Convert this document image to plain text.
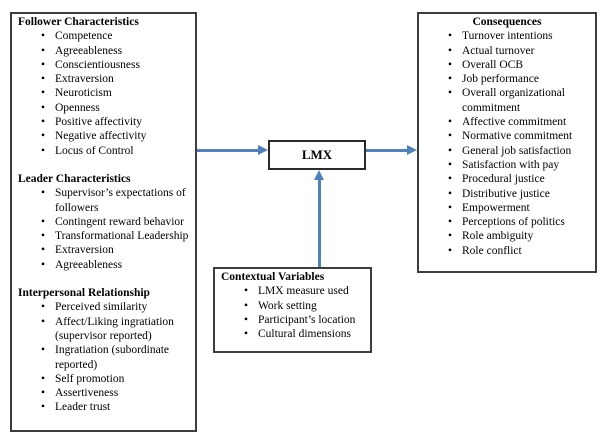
Follower Characteristics
• Competence
• Agreeableness
• Conscientiousness
• Extraversion
• Neuroticism
• Openness
• Positive affectivity
• Negative affectivity
• Locus of Control
Leader Characteristics
• Supervisor’s expectations of followers
• Contingent reward behavior
• Transformational Leadership
• Extraversion
• Agreeableness
Interpersonal Relationship
• Perceived similarity
• Affect/Liking ingratiation (supervisor reported)
• Ingratiation (subordinate reported)
• Self promotion
• Assertiveness
• Leader trust
LMX
Consequences
• Turnover intentions
• Actual turnover
• Overall OCB
• Job performance
• Overall organizational commitment
• Affective commitment
• Normative commitment
• General job satisfaction
• Satisfaction with pay
• Procedural justice
• Distributive justice
• Empowerment
• Perceptions of politics
• Role ambiguity
• Role conflict
Contextual Variables
• LMX measure used
• Work setting
• Participant’s location
• Cultural dimensions
